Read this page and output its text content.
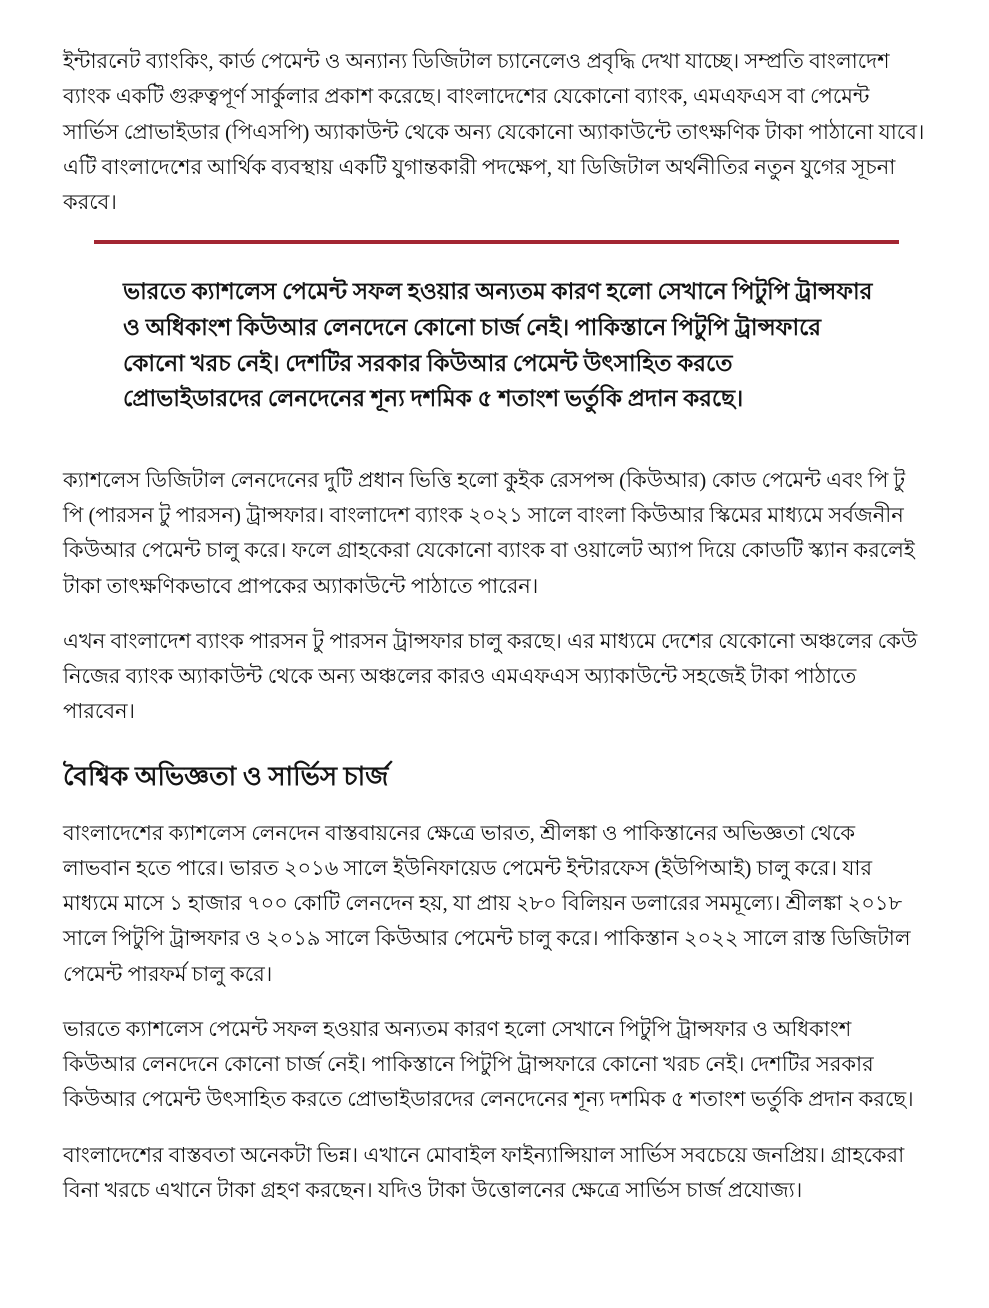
ইন্টারনেট ব্যাংকিং, কার্ড পেমেন্ট ও অন্যান্য ডিজিটাল চ্যানেলেও প্রবৃদ্ধি দেখা যাচ্ছে। সম্প্রতি বাংলাদেশ ব্যাংক একটি গুরুত্বপূর্ণ সার্কুলার প্রকাশ করেছে। বাংলাদেশের যেকোনো ব্যাংক, এমএফএস বা পেমেন্ট সার্ভিস প্রোভাইডার (পিএসপি) অ্যাকাউন্ট থেকে অন্য যেকোনো অ্যাকাউন্টে তাৎক্ষণিক টাকা পাঠানো যাবে। এটি বাংলাদেশের আর্থিক ব্যবস্থায় একটি যুগান্তকারী পদক্ষেপ, যা ডিজিটাল অর্থনীতির নতুন যুগের সূচনা করবে।

ভারতে ক্যাশলেস পেমেন্ট সফল হওয়ার অন্যতম কারণ হলো সেখানে পিটুপি ট্রান্সফার ও অধিকাংশ কিউআর লেনদেনে কোনো চার্জ নেই। পাকিস্তানে পিটুপি ট্রান্সফারে কোনো খরচ নেই। দেশটির সরকার কিউআর পেমেন্ট উৎসাহিত করতে প্রোভাইডারদের লেনদেনের শূন্য দশমিক ৫ শতাংশ ভর্তুকি প্রদান করছে।

ক্যাশলেস ডিজিটাল লেনদেনের দুটি প্রধান ভিত্তি হলো কুইক রেসপন্স (কিউআর) কোড পেমেন্ট এবং পি টু পি (পারসন টু পারসন) ট্রান্সফার। বাংলাদেশ ব্যাংক ২০২১ সালে বাংলা কিউআর স্কিমের মাধ্যমে সর্বজনীন কিউআর পেমেন্ট চালু করে। ফলে গ্রাহকেরা যেকোনো ব্যাংক বা ওয়ালেট অ্যাপ দিয়ে কোডটি স্ক্যান করলেই টাকা তাৎক্ষণিকভাবে প্রাপকের অ্যাকাউন্টে পাঠাতে পারেন।

এখন বাংলাদেশ ব্যাংক পারসন টু পারসন ট্রান্সফার চালু করছে। এর মাধ্যমে দেশের যেকোনো অঞ্চলের কেউ নিজের ব্যাংক অ্যাকাউন্ট থেকে অন্য অঞ্চলের কারও এমএফএস অ্যাকাউন্টে সহজেই টাকা পাঠাতে পারবেন।

বৈশ্বিক অভিজ্ঞতা ও সার্ভিস চার্জ

বাংলাদেশের ক্যাশলেস লেনদেন বাস্তবায়নের ক্ষেত্রে ভারত, শ্রীলঙ্কা ও পাকিস্তানের অভিজ্ঞতা থেকে লাভবান হতে পারে। ভারত ২০১৬ সালে ইউনিফায়েড পেমেন্ট ইন্টারফেস (ইউপিআই) চালু করে। যার মাধ্যমে মাসে ১ হাজার ৭০০ কোটি লেনদেন হয়, যা প্রায় ২৮০ বিলিয়ন ডলারের সমমূল্যে। শ্রীলঙ্কা ২০১৮ সালে পিটুপি ট্রান্সফার ও ২০১৯ সালে কিউআর পেমেন্ট চালু করে। পাকিস্তান ২০২২ সালে রাস্ত ডিজিটাল পেমেন্ট পারফর্ম চালু করে।

ভারতে ক্যাশলেস পেমেন্ট সফল হওয়ার অন্যতম কারণ হলো সেখানে পিটুপি ট্রান্সফার ও অধিকাংশ কিউআর লেনদেনে কোনো চার্জ নেই। পাকিস্তানে পিটুপি ট্রান্সফারে কোনো খরচ নেই। দেশটির সরকার কিউআর পেমেন্ট উৎসাহিত করতে প্রোভাইডারদের লেনদেনের শূন্য দশমিক ৫ শতাংশ ভর্তুকি প্রদান করছে।

বাংলাদেশের বাস্তবতা অনেকটা ভিন্ন। এখানে মোবাইল ফাইন্যান্সিয়াল সার্ভিস সবচেয়ে জনপ্রিয়। গ্রাহকেরা বিনা খরচে এখানে টাকা গ্রহণ করছেন। যদিও টাকা উত্তোলনের ক্ষেত্রে সার্ভিস চার্জ প্রযোজ্য।
